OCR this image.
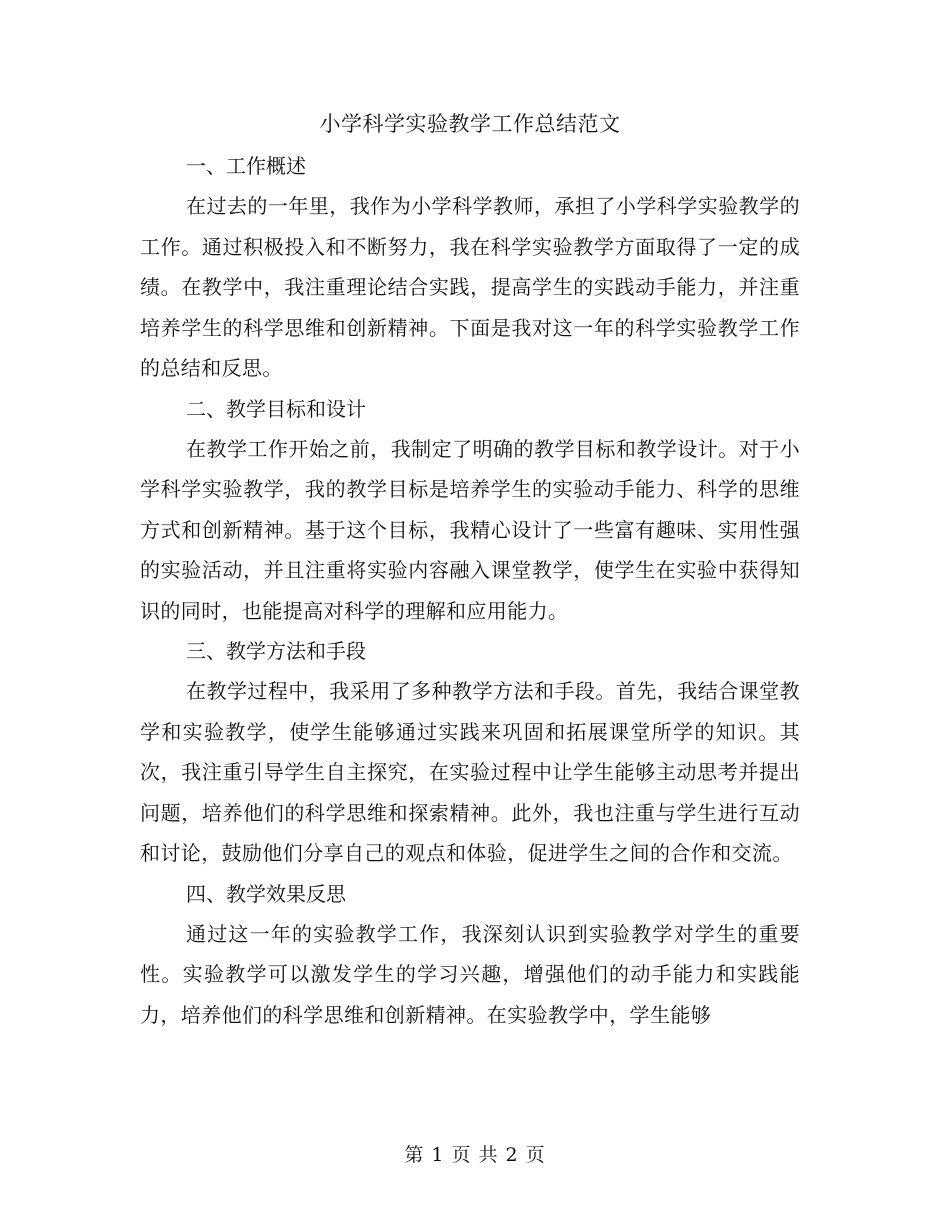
小学科学实验教学工作总结范文
一、工作概述

在过去的一年里，我作为小学科学教师，承担了小学科学实验教学的工作。通过积极投入和不断努力，我在科学实验教学方面取得了一定的成绩。在教学中，我注重理论结合实践，提高学生的实践动手能力，并注重培养学生的科学思维和创新精神。下面是我对这一年的科学实验教学工作的总结和反思。

二、教学目标和设计

在教学工作开始之前，我制定了明确的教学目标和教学设计。对于小学科学实验教学，我的教学目标是培养学生的实验动手能力、科学的思维方式和创新精神。基于这个目标，我精心设计了一些富有趣味、实用性强的实验活动，并且注重将实验内容融入课堂教学，使学生在实验中获得知识的同时，也能提高对科学的理解和应用能力。

三、教学方法和手段

在教学过程中，我采用了多种教学方法和手段。首先，我结合课堂教学和实验教学，使学生能够通过实践来巩固和拓展课堂所学的知识。其次，我注重引导学生自主探究，在实验过程中让学生能够主动思考并提出问题，培养他们的科学思维和探索精神。此外，我也注重与学生进行互动和讨论，鼓励他们分享自己的观点和体验，促进学生之间的合作和交流。

四、教学效果反思

通过这一年的实验教学工作，我深刻认识到实验教学对学生的重要性。实验教学可以激发学生的学习兴趣，增强他们的动手能力和实践能力，培养他们的科学思维和创新精神。在实验教学中，学生能够

第 1 页 共 2 页
